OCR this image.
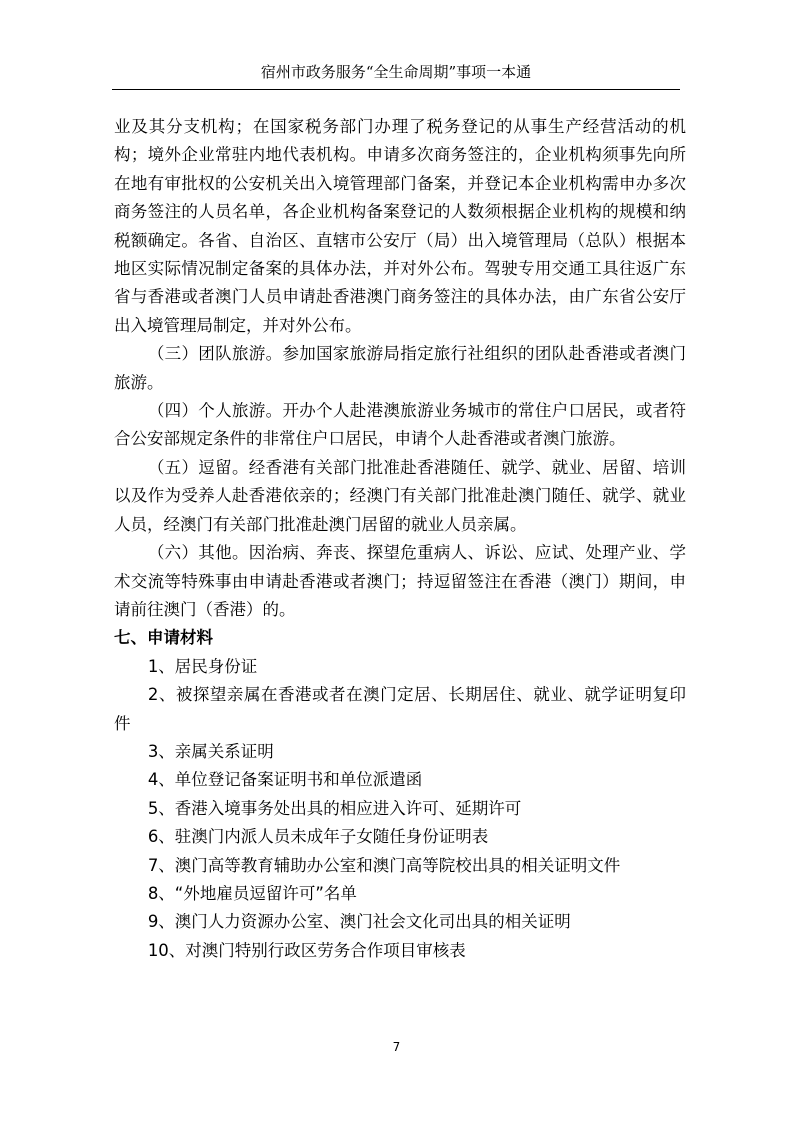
宿州市政务服务“全生命周期”事项一本通

业及其分支机构；在国家税务部门办理了税务登记的从事生产经营活动的机构；境外企业常驻内地代表机构。申请多次商务签注的，企业机构须事先向所在地有审批权的公安机关出入境管理部门备案，并登记本企业机构需申办多次商务签注的人员名单，各企业机构备案登记的人数须根据企业机构的规模和纳税额确定。各省、自治区、直辖市公安厅（局）出入境管理局（总队）根据本地区实际情况制定备案的具体办法，并对外公布。驾驶专用交通工具往返广东省与香港或者澳门人员申请赴香港澳门商务签注的具体办法，由广东省公安厅出入境管理局制定，并对外公布。

（三）团队旅游。参加国家旅游局指定旅行社组织的团队赴香港或者澳门旅游。

（四）个人旅游。开办个人赴港澳旅游业务城市的常住户口居民，或者符合公安部规定条件的非常住户口居民，申请个人赴香港或者澳门旅游。

（五）逗留。经香港有关部门批准赴香港随任、就学、就业、居留、培训以及作为受养人赴香港依亲的；经澳门有关部门批准赴澳门随任、就学、就业人员，经澳门有关部门批准赴澳门居留的就业人员亲属。

（六）其他。因治病、奔丧、探望危重病人、诉讼、应试、处理产业、学术交流等特殊事由申请赴香港或者澳门；持逗留签注在香港（澳门）期间，申请前往澳门（香港）的。

七、申请材料

1、居民身份证
2、被探望亲属在香港或者在澳门定居、长期居住、就业、就学证明复印件
3、亲属关系证明
4、单位登记备案证明书和单位派遣函
5、香港入境事务处出具的相应进入许可、延期许可
6、驻澳门内派人员未成年子女随任身份证明表
7、澳门高等教育辅助办公室和澳门高等院校出具的相关证明文件
8、“外地雇员逗留许可”名单
9、澳门人力资源办公室、澳门社会文化司出具的相关证明
10、对澳门特别行政区劳务合作项目审核表
7
